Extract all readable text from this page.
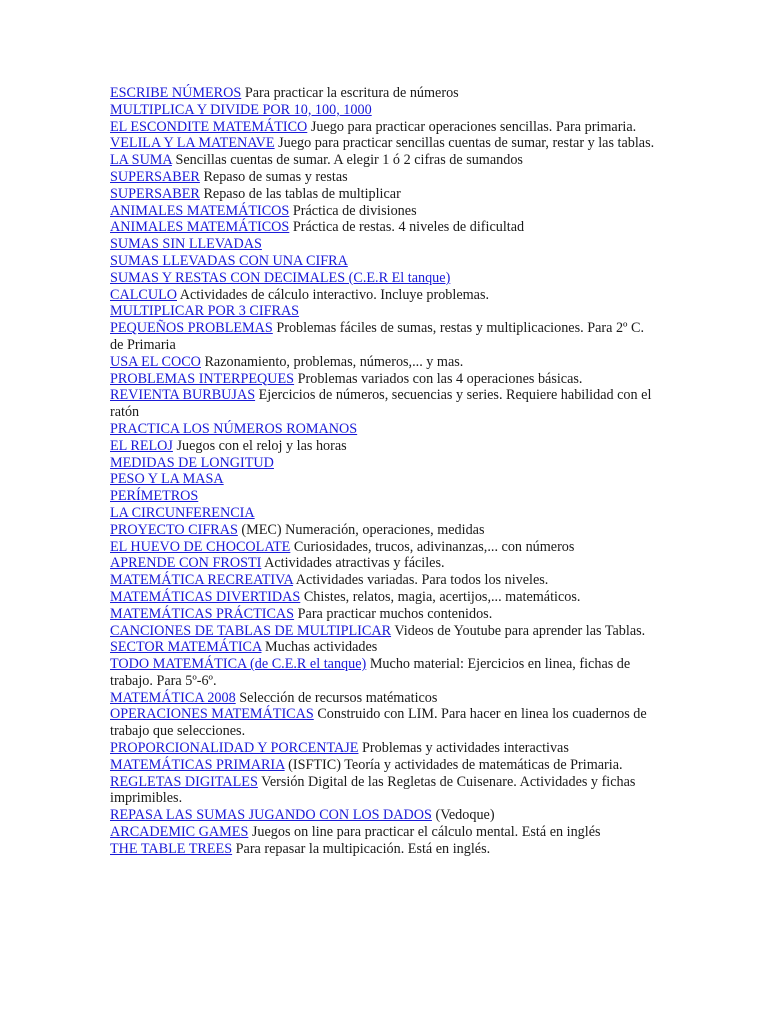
ESCRIBE NÚMEROS Para practicar la escritura de números
MULTIPLICA Y DIVIDE POR 10, 100, 1000
EL ESCONDITE MATEMÁTICO Juego para practicar operaciones sencillas. Para primaria.
VELILA Y LA MATENAVE Juego para practicar sencillas cuentas de sumar, restar y las tablas.
LA SUMA Sencillas cuentas de sumar. A elegir 1 ó 2 cifras de sumandos
SUPERSABER Repaso de sumas y restas
SUPERSABER Repaso de las tablas de multiplicar
ANIMALES MATEMÁTICOS Práctica de divisiones
ANIMALES MATEMÁTICOS Práctica de restas. 4 niveles de dificultad
SUMAS SIN LLEVADAS
SUMAS LLEVADAS CON UNA CIFRA
SUMAS Y RESTAS CON DECIMALES (C.E.R El tanque)
CALCULO Actividades de cálculo interactivo. Incluye problemas.
MULTIPLICAR POR 3 CIFRAS
PEQUEÑOS PROBLEMAS Problemas fáciles de sumas, restas y multiplicaciones. Para 2º C. de Primaria
USA EL COCO Razonamiento, problemas, números,... y mas.
PROBLEMAS INTERPEQUES Problemas variados con las 4 operaciones básicas.
REVIENTA BURBUJAS Ejercicios de números, secuencias y series. Requiere habilidad con el ratón
PRACTICA LOS NÚMEROS ROMANOS
EL RELOJ Juegos con el reloj y las horas
MEDIDAS DE LONGITUD
PESO Y LA MASA
PERÍMETROS
LA CIRCUNFERENCIA
PROYECTO CIFRAS (MEC) Numeración, operaciones, medidas
EL HUEVO DE CHOCOLATE Curiosidades, trucos, adivinanzas,... con números
APRENDE CON FROSTI Actividades atractivas y fáciles.
MATEMÁTICA RECREATIVA Actividades variadas. Para todos los niveles.
MATEMÁTICAS DIVERTIDAS Chistes, relatos, magia, acertijos,... matemáticos.
MATEMÁTICAS PRÁCTICAS Para practicar muchos contenidos.
CANCIONES DE TABLAS DE MULTIPLICAR Videos de Youtube para aprender las Tablas.
SECTOR MATEMÁTICA Muchas actividades
TODO MATEMÁTICA (de C.E.R el tanque) Mucho material: Ejercicios en linea, fichas de trabajo. Para 5º-6º.
MATEMÁTICA 2008 Selección de recursos matématicos
OPERACIONES MATEMÁTICAS Construido con LIM. Para hacer en linea los cuadernos de trabajo que selecciones.
PROPORCIONALIDAD Y PORCENTAJE Problemas y actividades interactivas
MATEMÁTICAS PRIMARIA (ISFTIC) Teoría y actividades de matemáticas de Primaria.
REGLETAS DIGITALES Versión Digital de las Regletas de Cuisenare. Actividades y fichas imprimibles.
REPASA LAS SUMAS JUGANDO CON LOS DADOS (Vedoque)
ARCADEMIC GAMES Juegos on line para practicar el cálculo mental. Está en inglés
THE TABLE TREES Para repasar la multipicación. Está en inglés.
